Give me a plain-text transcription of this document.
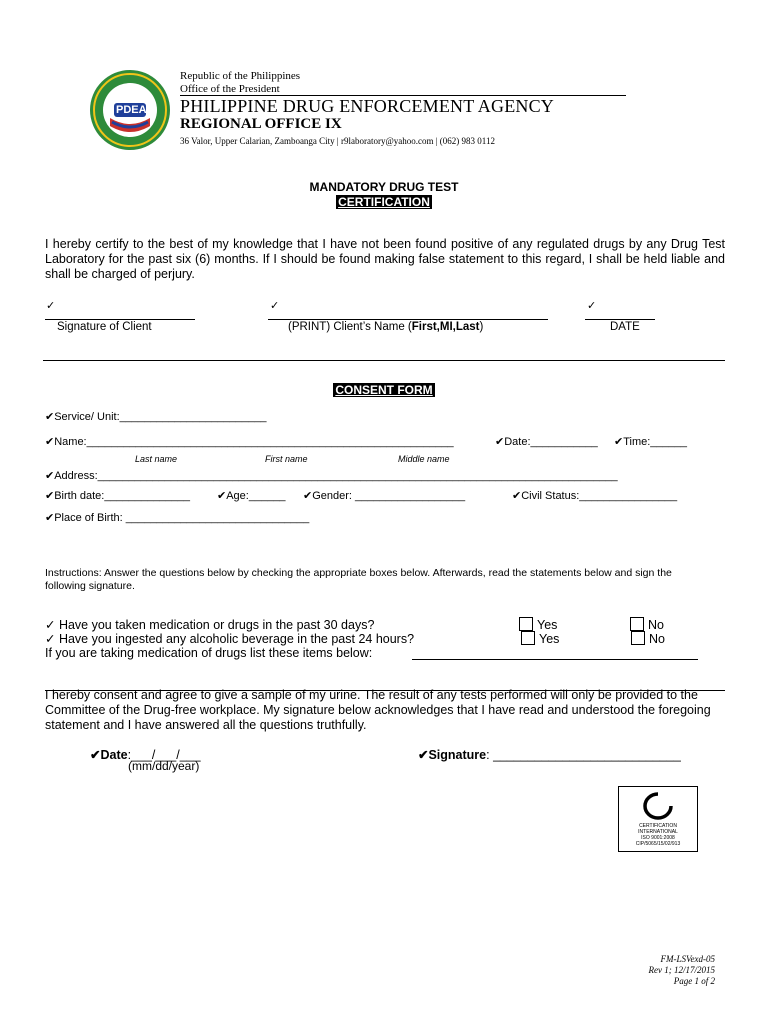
PDEA
Republic of the Philippines
Office of the President
PHILIPPINE DRUG ENFORCEMENT AGENCY
REGIONAL OFFICE IX
36 Valor, Upper Calarian, Zamboanga City | r9laboratory@yahoo.com | (062) 983 0112
MANDATORY DRUG TEST
CERTIFICATION
I hereby certify to the best of my knowledge that I have not been found positive of any regulated drugs by any Drug Test Laboratory for the past six (6) months. If I should be found making false statement to this regard, I shall be held liable and shall be charged of perjury.
✓	✓	✓
Signature of Client	(PRINT) Client’s Name (First,MI,Last)	DATE
CONSENT FORM
✔Service/ Unit:________________________
✔Name:____________________________________________________________	✔Date:___________ ✔Time:______
Last name	First name	Middle name
✔Address:_____________________________________________________________________________________
✔Birth date:______________ ✔Age:______ ✔Gender: __________________	✔Civil Status:________________
✔Place of Birth: ______________________________
Instructions: Answer the questions below by checking the appropriate boxes below. Afterwards, read the statements below and sign the following signature.
✓ Have you taken medication or drugs in the past 30 days?	Yes	No
✓ Have you ingested any alcoholic beverage in the past 24 hours?	Yes	No
If you are taking medication of drugs list these items below:
I hereby consent and agree to give a sample of my urine. The result of any tests performed will only be provided to the Committee of the Drug-free workplace. My signature below acknowledges that I have read and understood the foregoing statement and I have answered all the questions truthfully.
✔Date:___/___/___
(mm/dd/year)
✔Signature: ___________________________
CERTIFICATION
INTERNATIONAL
ISO 9001:2008
CIP/5065/15/02/913
FM-LSVexd-05
Rev 1; 12/17/2015
Page 1 of 2
